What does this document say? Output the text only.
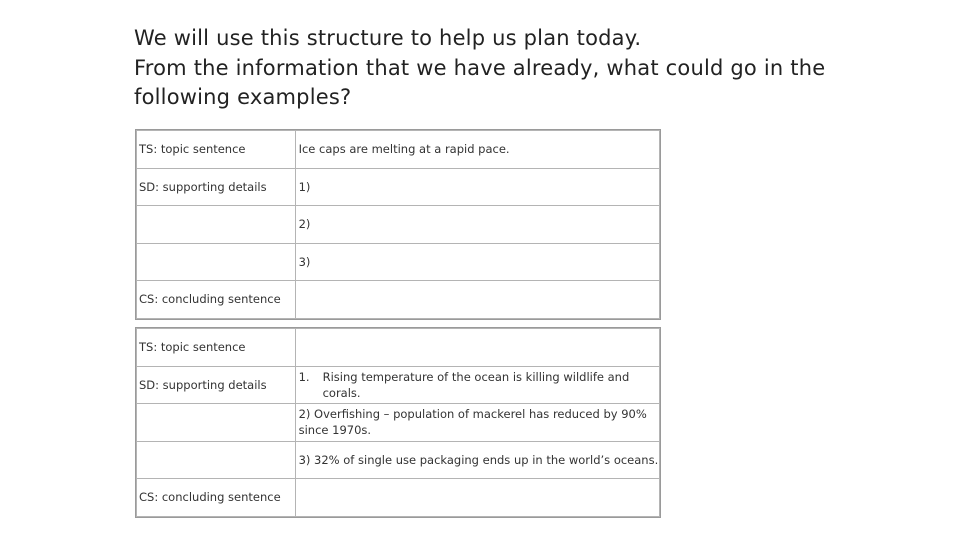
We will use this structure to help us plan today.
From the information that we have already, what could go in the
following examples?
TS: topic sentence	Ice caps are melting at a rapid pace.
SD: supporting details	1)
	2)
	3)
CS: concluding sentence	
TS: topic sentence	
SD: supporting details	1. Rising temperature of the ocean is killing wildlife and corals.

	2) Overfishing – population of mackerel has reduced by 90% since 1970s.

	3) 32% of single use packaging ends up in the world’s oceans.
CS: concluding sentence	
